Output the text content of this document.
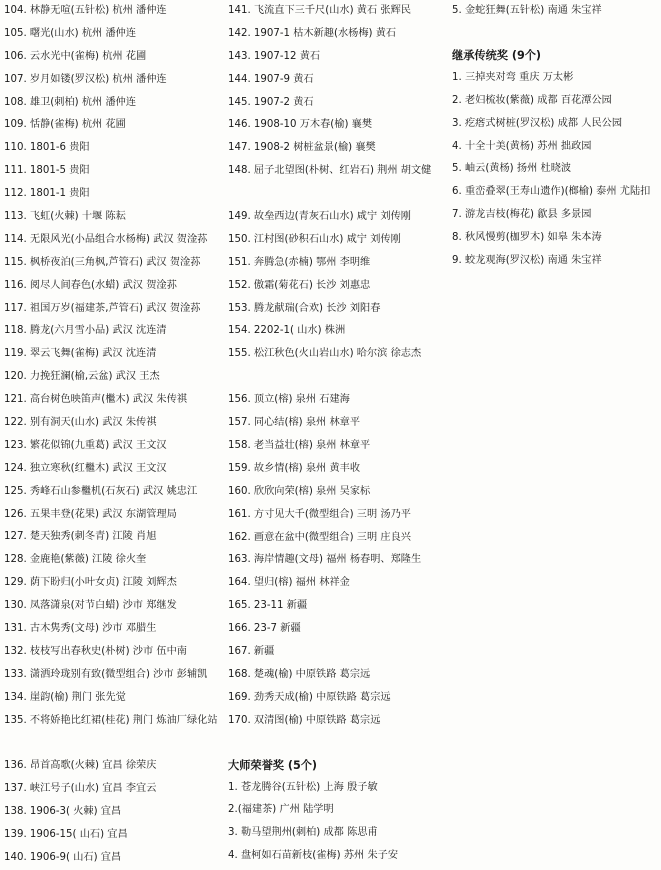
104. 林静无喧(五针松) 杭州 潘仲连
105. 曙光(山水) 杭州 潘仲连
106. 云水光中(雀梅) 杭州 花圃
107. 岁月如镂(罗汉松) 杭州 潘仲连
108. 雄卫(刺柏) 杭州 潘仲连
109. 恬静(雀梅) 杭州 花圃
110. 1801-6 贵阳
111. 1801-5 贵阳
112. 1801-1 贵阳
113. 飞虹(火棘) 十堰 陈耘
114. 无限风光(小品组合水杨梅) 武汉 贺淦荪
115. 枫桥夜泊(三角枫,芦管石) 武汉 贺淦荪
116. 阅尽人间春色(水蜡) 武汉 贺淦荪
117. 祖国万岁(福建茶,芦管石) 武汉 贺淦荪
118. 腾龙(六月雪小品) 武汉 沈连清
119. 翠云飞舞(雀梅) 武汉 沈连清
120. 力挽狂澜(榆,云盆) 武汉 王杰
121. 高台树色映笛声(檵木) 武汉 朱传祺
122. 别有洞天(山水) 武汉 朱传祺
123. 繁花似锦(九重葛) 武汉 王文汉
124. 独立寒秋(红檵木) 武汉 王文汉
125. 秀峰石山参檵机(石灰石) 武汉 姚忠江
126. 五果丰登(花果) 武汉 东湖管理局
127. 楚天独秀(刺冬青) 江陵 肖旭
128. 金鹿艳(紫薇) 江陵 徐火奎
129. 荫下盼归(小叶女贞) 江陵 刘辉杰
130. 凤落潇泉(对节白蜡) 沙市 郑继发
131. 古木隽秀(文母) 沙市 邓腊生
132. 枝枝写出春秋史(朴树) 沙市 伍中南
133. 潇洒玲珑别有致(微型组合) 沙市 彭辅凯
134. 崖韵(榆) 荆门 张先觉
135. 不将娇艳比红裙(桂花) 荆门 炼油厂绿化站
136. 昂首高歌(火棘) 宜昌 徐荣庆
137. 峡江号子(山水) 宜昌 李宜云
138. 1906-3( 火棘) 宜昌
139. 1906-15( 山石) 宜昌
140. 1906-9( 山石) 宜昌
141. 飞流直下三千尺(山水) 黄石 张辉民
142. 1907-1 枯木新趣(水杨梅) 黄石
143. 1907-12 黄石
144. 1907-9 黄石
145. 1907-2 黄石
146. 1908-10 万木春(榆) 襄樊
147. 1908-2 树桩盆景(榆) 襄樊
148. 屈子北望图(朴树、红岩石) 荆州 胡文健
149. 故垒西边(青灰石山水) 咸宁 刘传刚
150. 江村图(砂积石山水) 咸宁 刘传刚
151. 奔腾急(赤楠) 鄂州 李明维
152. 傲霜(菊花石) 长沙 刘惠忠
153. 腾龙献瑞(合欢) 长沙 刘阳春
154. 2202-1( 山水) 株洲
155. 松江秋色(火山岩山水) 哈尔滨 徐志杰
156. 顶立(榕) 泉州 石建海
157. 同心结(榕) 泉州 林章平
158. 老当益壮(榕) 泉州 林章平
159. 故乡情(榕) 泉州 黄丰收
160. 欣欣向荣(榕) 泉州 吴家标
161. 方寸见大千(微型组合) 三明 汤乃平
162. 画意在盆中(微型组合) 三明 庄良兴
163. 海岸情趣(文母) 福州 杨春明、郑隆生
164. 望归(榕) 福州 林祥金
165. 23-11 新疆
166. 23-7 新疆
167. 新疆
168. 楚魂(榆) 中原铁路 葛宗远
169. 劲秀天成(榆) 中原铁路 葛宗远
170. 双清图(榆) 中原铁路 葛宗远
大师荣誉奖 (5个)
1. 苍龙腾谷(五针松) 上海 殷子敏
2.(福建茶) 广州 陆学明
3. 勒马望荆州(刺柏) 成都 陈思甫
4. 盘柯如石苗新枝(雀梅) 苏州 朱子安
5. 金蛇狂舞(五针松) 南通 朱宝祥
继承传统奖 (9个)
1. 三掉夹对弯 重庆 万太彬
2. 老妇梳妆(紫薇) 成都 百花潭公园
3. 疙瘩式树桩(罗汉松) 成都 人民公园
4. 十全十美(黄杨) 苏州 拙政园
5. 岫云(黄杨) 扬州 杜晓波
6. 重峦叠翠(王寿山遗作)(榔榆) 泰州 尤陆扣
7. 游龙吉枝(梅花) 歙县 多景园
8. 秋风慢剪(枷罗木) 如皋 朱本涛
9. 蛟龙观海(罗汉松) 南通 朱宝祥
